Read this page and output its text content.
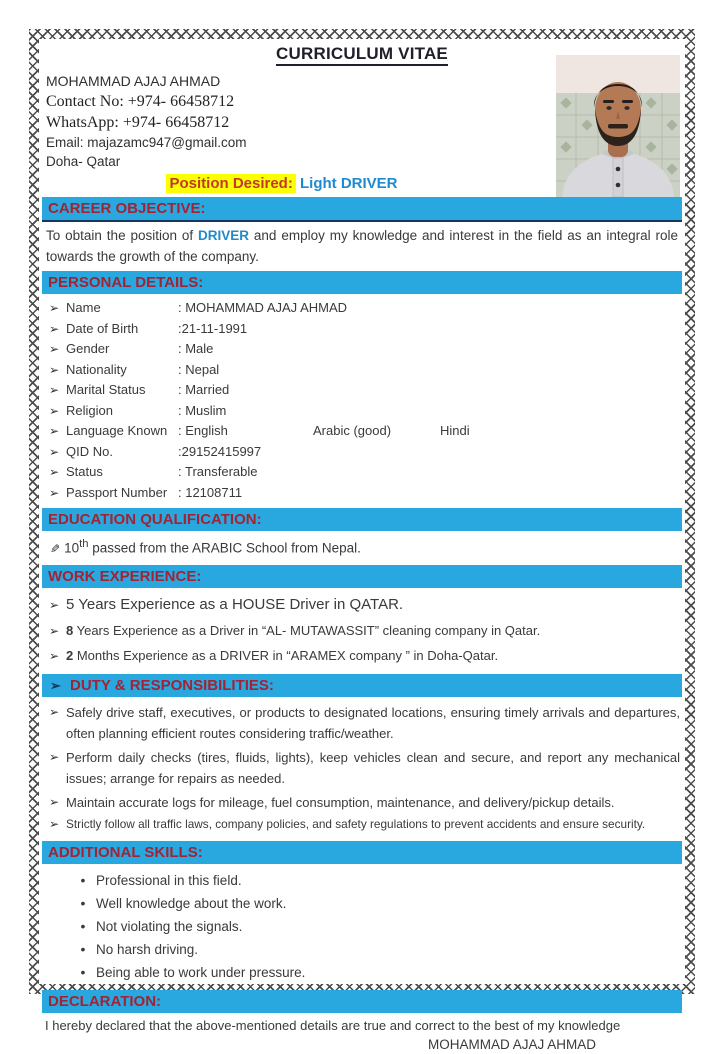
CURRICULUM VITAE
MOHAMMAD AJAJ AHMAD
Contact No: +974- 66458712
WhatsApp: +974- 66458712
Email: majazamc947@gmail.com
Doha- Qatar
Position Desired: Light DRIVER
CAREER OBJECTIVE:

To obtain the position of DRIVER and employ my knowledge and interest in the field as an integral role towards the growth of the company.

PERSONAL DETAILS:
➢ Name	: MOHAMMAD AJAJ AHMAD
➢ Date of Birth	:21-11-1991
➢ Gender	: Male
➢ Nationality	: Nepal
➢ Marital Status	: Married
➢ Religion	: Muslim
➢ Language Known : English	Arabic (good)	Hindi
➢ QID No.	:29152415997
➢ Status	: Transferable
➢ Passport Number : 12108711
EDUCATION QUALIFICATION:
✎ 10th passed from the ARABIC School from Nepal.
WORK EXPERIENCE:
➢ 5 Years Experience as a HOUSE Driver in QATAR.
➢ 8 Years Experience as a Driver in “AL- MUTAWASSIT” cleaning company in Qatar.
➢ 2 Months Experience as a DRIVER in “ARAMEX company ” in Doha-Qatar.
➢ DUTY & RESPONSIBILITIES:
➢ Safely drive staff, executives, or products to designated locations, ensuring timely arrivals and departures, often planning efficient routes considering traffic/weather.
➢ Perform daily checks (tires, fluids, lights), keep vehicles clean and secure, and report any mechanical issues; arrange for repairs as needed.
➢ Maintain accurate logs for mileage, fuel consumption, maintenance, and delivery/pickup details.
➢ Strictly follow all traffic laws, company policies, and safety regulations to prevent accidents and ensure security.
ADDITIONAL SKILLS:
• Professional in this field.
• Well knowledge about the work.
• Not violating the signals.
• No harsh driving.
• Being able to work under pressure.
DECLARATION:

I hereby declared that the above-mentioned details are true and correct to the best of my knowledge

MOHAMMAD AJAJ AHMAD
